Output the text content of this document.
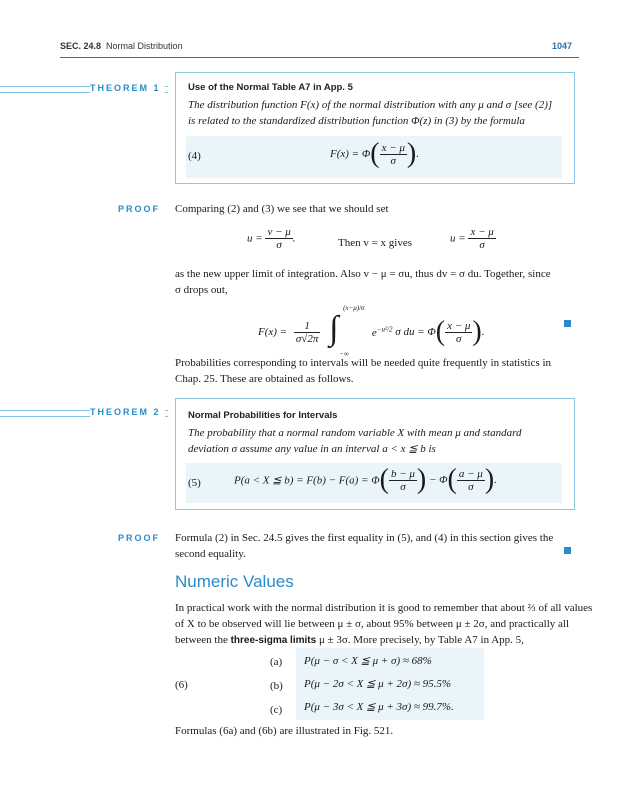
SEC. 24.8 Normal Distribution	1047
THEOREM 1	Use of the Normal Table A7 in App. 5
The distribution function F(x) of the normal distribution with any μ and σ [see (2)]
is related to the standardized distribution function Φ(z) in (3) by the formula
(4)	$F(x) = \Phi( \frac{x - \mu}{\sigma}$ ).
PROOF Comparing (2) and (3) we see that we should set
$u = \frac{v - \mu}{\sigma}$ .	Then v = x gives	$u = \frac{x - \mu}{\sigma}$
as the new upper limit of integration. Also v − μ = σu, thus dv = σ du. Together, since
σ drops out,
$F(x) = \frac{1}{\sigma√2\pi}$
∫
(x−μ)/σ
−∞
$e^{-u^2/2}$ σ du = $\Phi( \frac{x - \mu}{\sigma}$ ).
Probabilities corresponding to intervals will be needed quite frequently in statistics in
Chap. 25. These are obtained as follows.
THEOREM 2	Normal Probabilities for Intervals
The probability that a normal random variable X with mean μ and standard
deviation σ assume any value in an interval a < x ≦ b is
(5)	P(a < X ≦ $b) = F(b) - F(a) = \Phi( \frac{b - \mu}{\sigma}$ ) − $\Phi( \frac{a - \mu}{\sigma}$ ).
PROOF Formula (2) in Sec. 24.5 gives the first equality in (5), and (4) in this section gives the
second equality.
Numeric Values
In practical work with the normal distribution it is good to remember that about ⅔ of all values
of X to be observed will lie between μ ± σ, about 95% between μ ± 2σ, and practically all
between the three-sigma limits μ ± 3σ. More precisely, by Table A7 in App. 5,
(6)
(a) P(μ − σ < X ≦ μ + σ) ≈ 68%
(b) P(μ − 2σ < X ≦ μ + 2σ) ≈ 95.5%
(c) P(μ − 3σ < X ≦ μ + 3σ) ≈ 99.7%.
Formulas (6a) and (6b) are illustrated in Fig. 521.
